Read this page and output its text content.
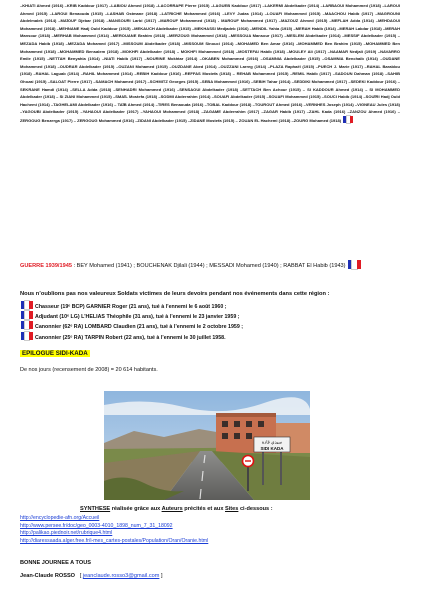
–KHIATI Ahmed (1916) –KRIB Kaddour (1917) –LABIOU Ahmed (1918) –LACORRAPE Pierre (1915) –LAGUEB Kaddour (1917) –LAKERMI Abdelkader (1914) –LARBAOUI Mohammed (1918) –LAROUI Ahmed (1915) –LAROUI Benaouda (1915) –LASHAB Ostmane (1918) –LATRICHE Mohammed (1916) –LEVY Judas (1914) –LOUAFI Mohammed (1915) –MAACHOU Habib (1917) –MAGROUNI Abdelmalek (1914) –MAÏOUF Djebar (1918) –MANSOURI Larbi (1917) –MAROUF Mohammed (1918) - MAROUF Mohammed (1917) –MAZOUZ Ahmed (1915) –MEFLAH Adda (1914) –MEHDAOUI Mohammed (1918) –MEHNANE Hadj Ould Kaddour (1915) –MEKAUCH Abdelkader (1915) –MEKHASSI Medjadeb (1916) –MENDIL Yahia (1915) –MERAH Habib (1914) –MERAH Lakdar (1918) –MERAH Mansour (1918) –MERHAB Mohammed (1914) –MEROUANE Brahim (1918) –MERZOUG Mohammed (1918) –MESSOUA Mansour (1917) –MESLEM Abdelkader (1914) –MESSIF Abdelkader (1915) –MEZADA Habib (1918) –MEZADA Mohamed (1917) –MISSOUM Abdelkader (1918) –MISSOUM Sinouci (1914) –MOHAMED Ben Amar (1916) –MOHAMMED Ben Brahim (1915) –MOHAMMED Ben Mohammed (1918) –MOHAMMED Bensalem (1918) –MOKHFI Abdelkader (1918) – MOKHFI Mohammed (1918) –MOSTEFAI Habib (1918) –MOULEY Ali (1917) –NAAMAR Nedjali (1919) –NAVARRO Emile (1915) –NETTAH Benyahia (1914) –NIATI Habib (1917) –NOURINE Mokhtar (1914) –OKABEN Mohammed (1916) –OSAMNIA Abdelkader (1915) –OSAMNIA Benchaib (1914) –OUDANE Mohammed (1918) –OUDRAR Abdelkader (1915) –OUZANI Mohamed (1915) –OUZDANE Abed (1914) –OUZZANI Larreg (1914) –PLAZA Raphaël (1915) –PUECH J. Marie (1917) –RAHAL Barablou (1918) –RAHAL Laguab (1914) –RAHIL Mohammed (1914) –REBIH Kaddour (1916) –REFFAS Mostefa (1918) – REHAB Mohammed (1915) –REMIL Habib (1917) –SADOUN Dahman (1918) –SAHIB Ghozai (1915) –SALOAT Pierre (1917) –SAMACH Mohamed (1917) –SCHMITZ Georges (1915) –SEBA Mohammed (1916) –SEBIH Tahar (1914) –SEDDIKI Mohammed (1917) –SEDEKI Kaddour (1916) –SEKRANE Hamdi (1914) –SELLA Adda (1918) –SENHADRI Mohammed (1916) –SENSAOUI Abdelkader (1918) –SETTACH Ben Achour (1915) – SI KADDOUR Ahmed (1914) – SI MOHAMMED Abdelkader (1918) – Si ZIANI Mohammed (1915) –SMAÏL Mostefa (1918) –SODMI Abderrahim (1914) –SOUAFI Abdelkader (1915) –SOUAFI Mohammed (1915) –SOUCI Habib (1914) –SOUÏRI Hadj Ould Hachemi (1914) –TAGHELAMI Abdelkader (1916) – TAÏB Ahmed (1914) –TIRES Benaouda (1916) –TOBAL Kaddour (1918) –TOUROUT Ahmed (1916) –VERNHES Joseph (1914) –VIGNEAU Jules (1918) –YAGOUBI Abdelkader (1915) –YAHAOUI Abdelkader (1917) –YAHAOUI Mohammed (1918) –ZAGAME Abderrahim (1917) –ZAGAR Habib (1917) –ZAHL Kada (1916) –ZANZOU Ahmed (1916) –ZERGOUG Benzerga (1917) – ZERGOUG Mohammed (1916) –ZIDANI Abdelkader (1915) –ZIDANE Mostefa (1915) – ZOUAN EL Hachemi (1918) –ZOURG Mohamed (1918)

GUERRE 1939/1945 : BEY Mohamed (1941) ; BOUCHENAK Djilali (1944) ; MESSADI Mohamed (1940) ; RABBAT El Habib (1943)

Nous n’oublions pas nos valeureux Soldats victimes de leurs devoirs pendant nos événements dans cette région :

Chasseur (19ᵉ BCP) GARNIER Roger (21 ans), tué à l’ennemi le 6 août 1960 ;

Adjudant (10ᵉ LG) L’HELIAS Théophile (31 ans), tué à l’ennemi le 23 janvier 1959 ;

Canonnier (62ᵉ RA) LOMBARD Claudien (21 ans), tué à l’ennemi le 2 octobre 1959 ;

Canonnier (25ᵉ RA) TARPIN Robert (22 ans), tué à l’ennemi le 30 juillet 1958.

EPILOGUE SIDI-KADA

De nos jours (recensement de 2008) = 20 614 habitants.

سيدي قادة
SIDI KADA
SYNTHESE réalisée grâce aux Auteurs précités et aux Sites ci-dessous :
http://encyclopedie-afn.org/Accueil
http://www.persee.fr/doc/geo_0003-4010_1898_num_7_31_18092
http://palikao.piednoir.net/rubrique4.html
http://diaressaada.alger.free.fr/i-mes_cartes-postales/Population/Oran/Oranie.html
BONNE JOURNEE A TOUS
Jean-Claude ROSSO [ jeanclaude.rosso3@gmail.com ]
